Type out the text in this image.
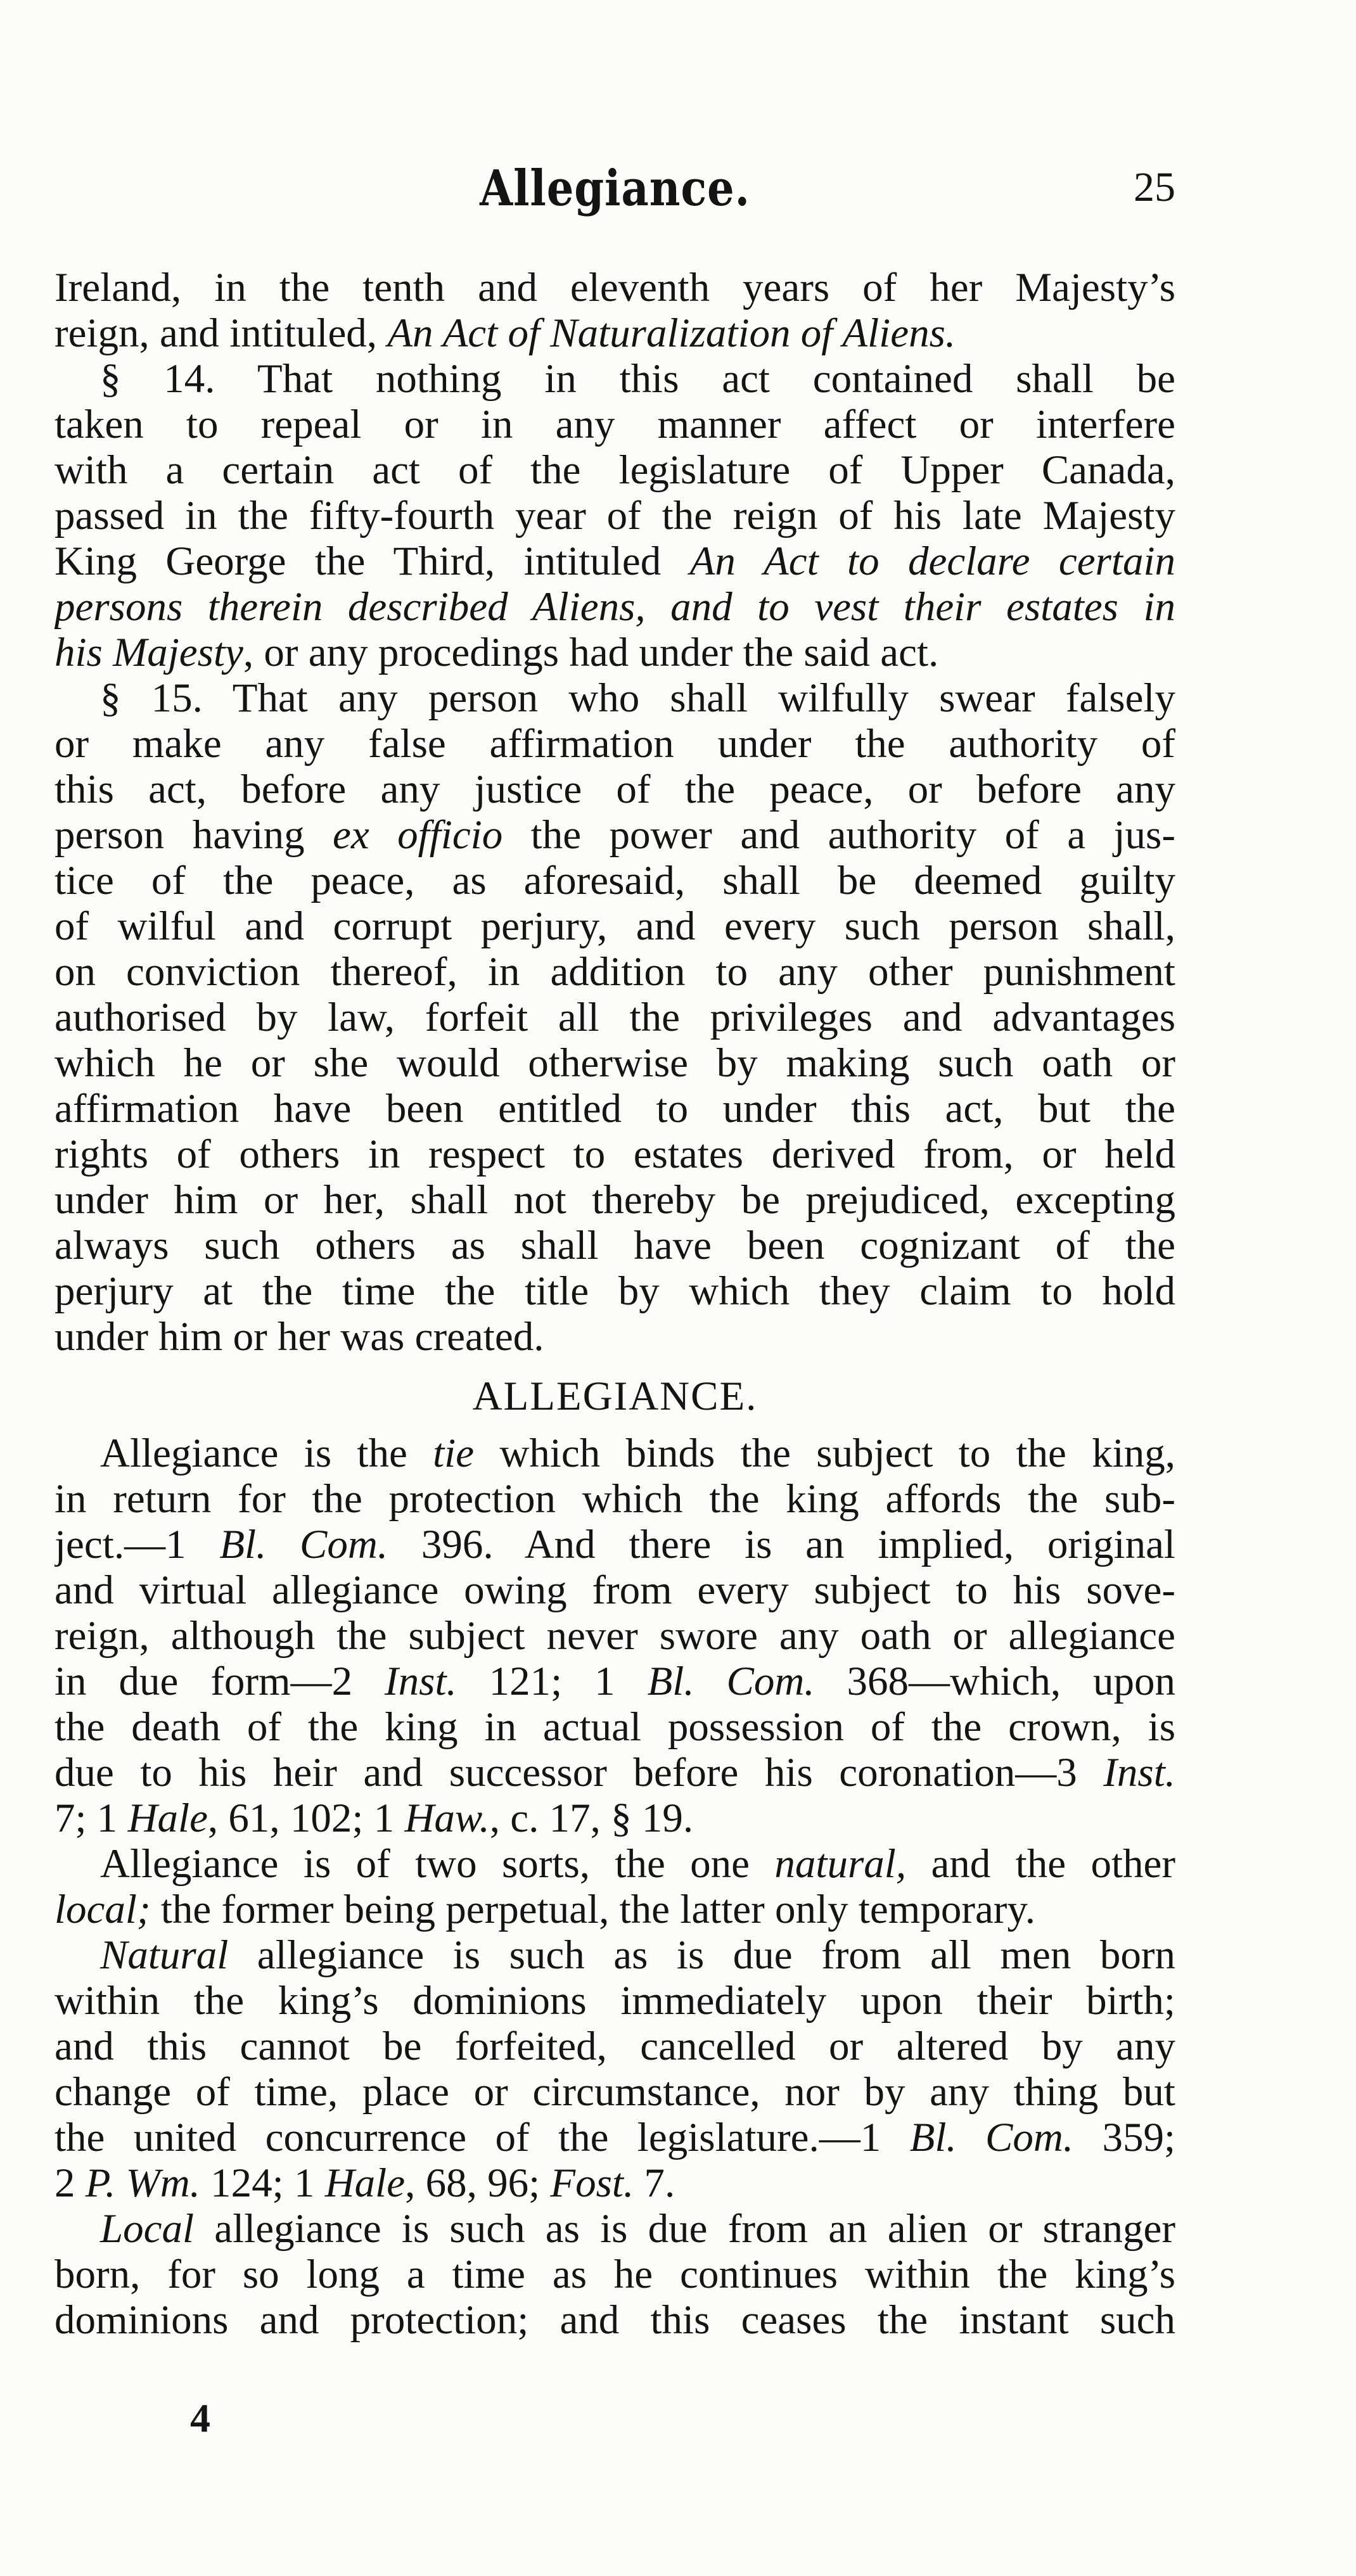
Allegiance.	25
Ireland, in the tenth and eleventh years of her Majesty’s
reign, and intituled, An Act of Naturalization of Aliens.
§ 14. That nothing in this act contained shall be
taken to repeal or in any manner affect or interfere
with a certain act of the legislature of Upper Canada,
passed in the fifty-fourth year of the reign of his late Majesty
King George the Third, intituled An Act to declare certain
persons therein described Aliens, and to vest their estates in
his Majesty, or any procedings had under the said act.
§ 15. That any person who shall wilfully swear falsely
or make any false affirmation under the authority of
this act, before any justice of the peace, or before any
person having ex officio the power and authority of a jus-
tice of the peace, as aforesaid, shall be deemed guilty
of wilful and corrupt perjury, and every such person shall,
on conviction thereof, in addition to any other punishment
authorised by law, forfeit all the privileges and advantages
which he or she would otherwise by making such oath or
affirmation have been entitled to under this act, but the
rights of others in respect to estates derived from, or held
under him or her, shall not thereby be prejudiced, excepting
always such others as shall have been cognizant of the
perjury at the time the title by which they claim to hold
under him or her was created.
ALLEGIANCE.
Allegiance is the tie which binds the subject to the king,
in return for the protection which the king affords the sub-
ject.—1 Bl. Com. 396. And there is an implied, original
and virtual allegiance owing from every subject to his sove-
reign, although the subject never swore any oath or allegiance
in due form—2 Inst. 121; 1 Bl. Com. 368—which, upon
the death of the king in actual possession of the crown, is
due to his heir and successor before his coronation—3 Inst.
7; 1 Hale, 61, 102; 1 Haw., c. 17, § 19.
Allegiance is of two sorts, the one natural, and the other
local; the former being perpetual, the latter only temporary.
Natural allegiance is such as is due from all men born
within the king’s dominions immediately upon their birth;
and this cannot be forfeited, cancelled or altered by any
change of time, place or circumstance, nor by any thing but
the united concurrence of the legislature.—1 Bl. Com. 359;
2 P. Wm. 124; 1 Hale, 68, 96; Fost. 7.
Local allegiance is such as is due from an alien or stranger
born, for so long a time as he continues within the king’s
dominions and protection; and this ceases the instant such
4
